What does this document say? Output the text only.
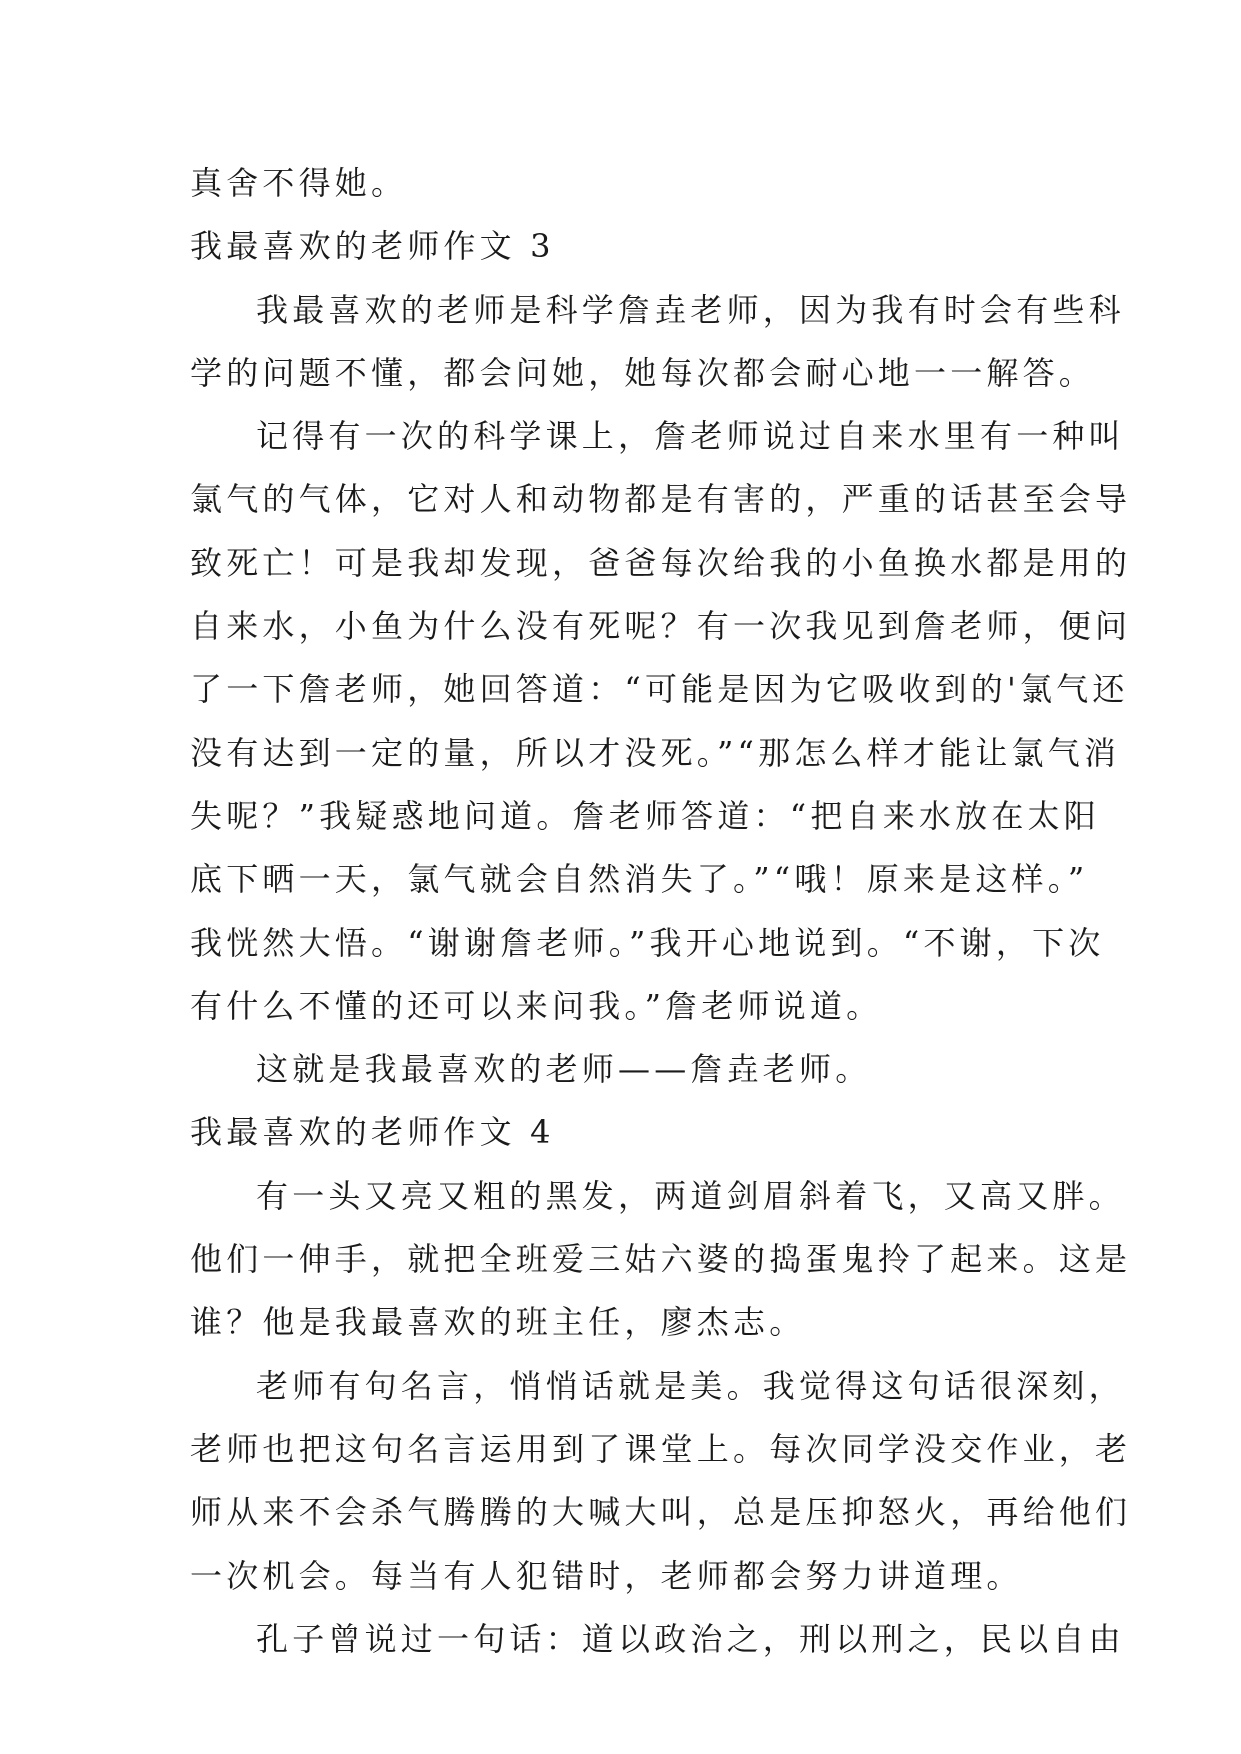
真舍不得她。
我最喜欢的老师作文 3
我最喜欢的老师是科学詹垚老师，因为我有时会有些科
学的问题不懂，都会问她，她每次都会耐心地一一解答。
记得有一次的科学课上，詹老师说过自来水里有一种叫
氯气的气体，它对人和动物都是有害的，严重的话甚至会导
致死亡！可是我却发现，爸爸每次给我的小鱼换水都是用的
自来水，小鱼为什么没有死呢？有一次我见到詹老师，便问
了一下詹老师，她回答道：“可能是因为它吸收到的'氯气还
没有达到一定的量，所以才没死。”“那怎么样才能让氯气消
失呢？”我疑惑地问道。詹老师答道：“把自来水放在太阳
底下晒一天，氯气就会自然消失了。”“哦！原来是这样。”
我恍然大悟。“谢谢詹老师。”我开心地说到。“不谢，下次
有什么不懂的还可以来问我。”詹老师说道。
这就是我最喜欢的老师——詹垚老师。
我最喜欢的老师作文 4
有一头又亮又粗的黑发，两道剑眉斜着飞，又高又胖。
他们一伸手，就把全班爱三姑六婆的捣蛋鬼拎了起来。这是
谁？他是我最喜欢的班主任，廖杰志。
老师有句名言，悄悄话就是美。我觉得这句话很深刻，
老师也把这句名言运用到了课堂上。每次同学没交作业，老
师从来不会杀气腾腾的大喊大叫，总是压抑怒火，再给他们
一次机会。每当有人犯错时，老师都会努力讲道理。
孔子曾说过一句话：道以政治之，刑以刑之，民以自由
